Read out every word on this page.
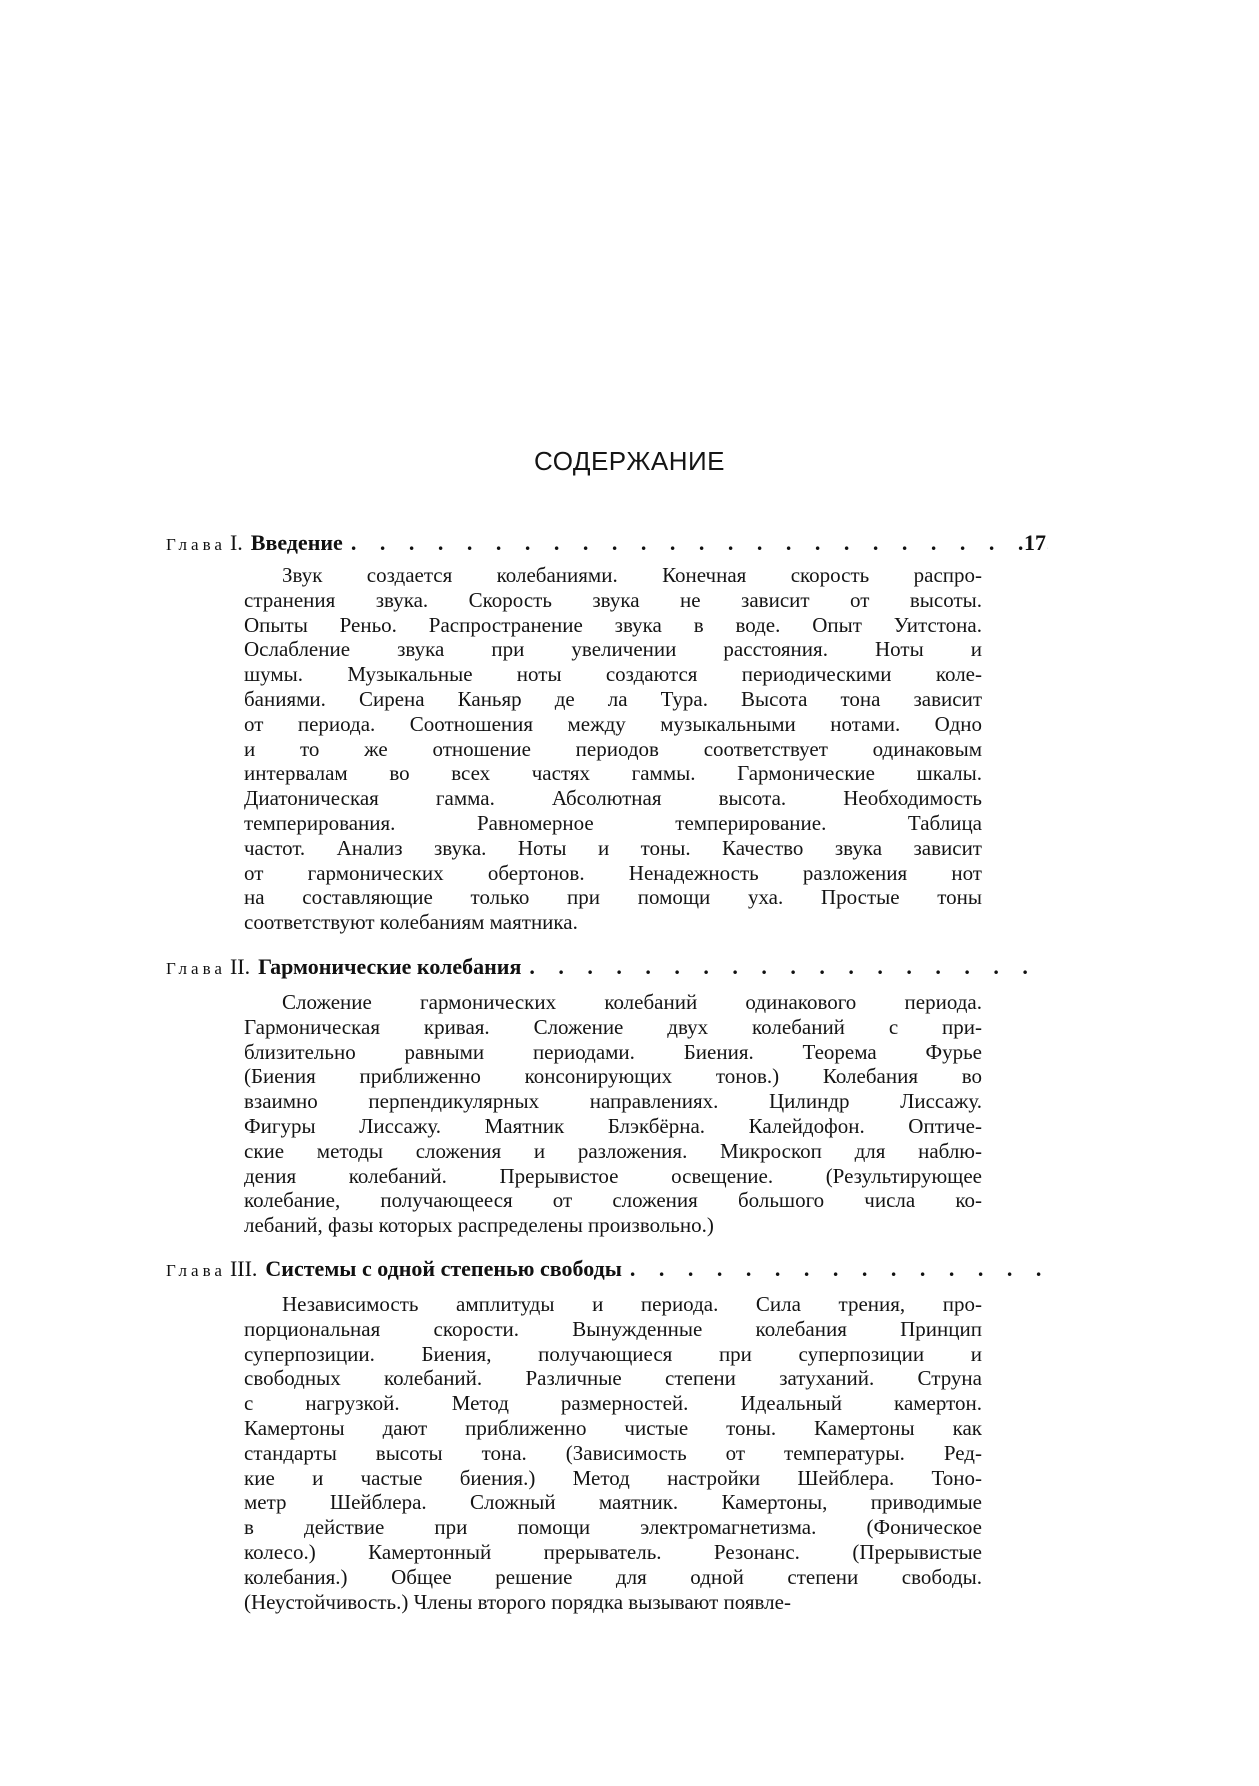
СОДЕРЖАНИЕ
Глава I. Введение
. . .	17
Звук создается колебаниями. Конечная скорость распро-
странения звука. Скорость звука не зависит от высоты.
Опыты Реньо. Распространение звука в воде. Опыт Уитстона.
Ослабление звука при увеличении расстояния. Ноты и
шумы. Музыкальные ноты создаются периодическими коле-
баниями. Сирена Каньяр де ла Тура. Высота тона зависит
от периода. Соотношения между музыкальными нотами. Одно
и то же отношение периодов соответствует одинаковым
интервалам во всех частях гаммы. Гармонические шкалы.
Диатоническая гамма. Абсолютная высота. Необходимость
темперирования. Равномерное темперирование. Таблица
частот. Анализ звука. Ноты и тоны. Качество звука зависит
от гармонических обертонов. Ненадежность разложения нот
на составляющие только при помощи уха. Простые тоны
соответствуют колебаниям маятника.
Глава II. Гармонические колебания
. . .
Сложение гармонических колебаний одинакового периода.
Гармоническая кривая. Сложение двух колебаний с при-
близительно равными периодами. Биения. Теорема Фурье
(Биения приближенно консонирующих тонов.) Колебания во
взаимно перпендикулярных направлениях. Цилиндр Лиссажу.
Фигуры Лиссажу. Маятник Блэкбёрна. Калейдофон. Оптиче-
ские методы сложения и разложения. Микроскоп для наблю-
дения колебаний. Прерывистое освещение. (Результирующее
колебание, получающееся от сложения большого числа ко-
лебаний, фазы которых распределены произвольно.)
Глава III. Системы с одной степенью свободы
. . .
Независимость амплитуды и периода. Сила трения, про-
порциональная скорости. Вынужденные колебания Принцип
суперпозиции. Биения, получающиеся при суперпозиции и
свободных колебаний. Различные степени затуханий. Струна
с нагрузкой. Метод размерностей. Идеальный камертон.
Камертоны дают приближенно чистые тоны. Камертоны как
стандарты высоты тона. (Зависимость от температуры. Ред-
кие и частые биения.) Метод настройки Шейблера. Тоно-
метр Шейблера. Сложный маятник. Камертоны, приводимые
в действие при помощи электромагнетизма. (Фоническое
колесо.) Камертонный прерыватель. Резонанс. (Прерывистые
колебания.) Общее решение для одной степени свободы.
(Неустойчивость.) Члены второго порядка вызывают появле-
